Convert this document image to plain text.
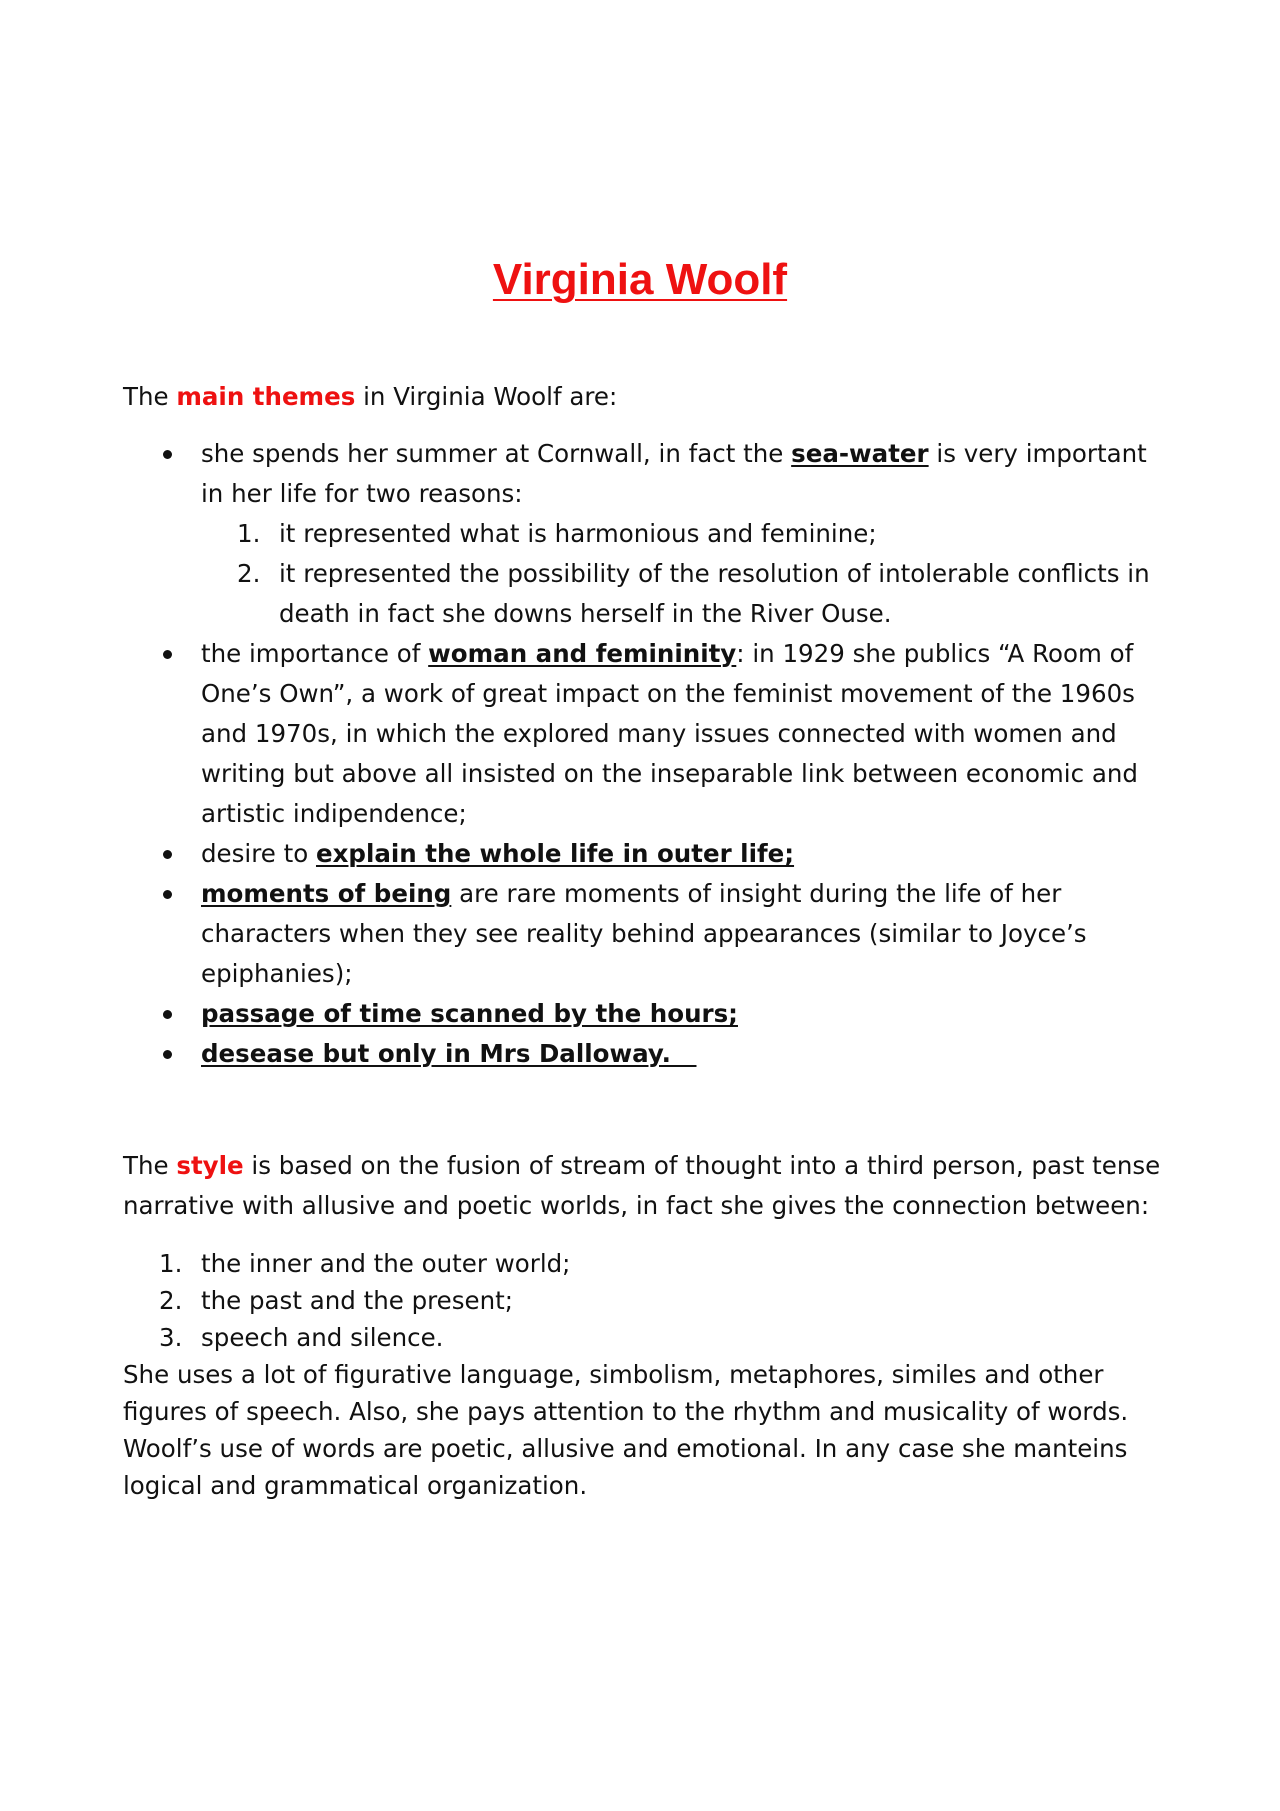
Virginia Woolf
The main themes in Virginia Woolf are:
she spends her summer at Cornwall, in fact the sea-water is very important in her life for two reasons:
1. it represented what is harmonious and feminine;
2. it represented the possibility of the resolution of intolerable conflicts in death in fact she downs herself in the River Ouse.
the importance of woman and femininity: in 1929 she publics “A Room of One’s Own”, a work of great impact on the feminist movement of the 1960s and 1970s, in which the explored many issues connected with women and writing but above all insisted on the inseparable link between economic and artistic indipendence;
desire to explain the whole life in outer life;
moments of being are rare moments of insight during the life of her characters when they see reality behind appearances (similar to Joyce’s epiphanies);
passage of time scanned by the hours;
desease but only in Mrs Dalloway.
The style is based on the fusion of stream of thought into a third person, past tense narrative with allusive and poetic worlds, in fact she gives the connection between:
1. the inner and the outer world;
2. the past and the present;
3. speech and silence.
She uses a lot of figurative language, simbolism, metaphores, similes and other figures of speech. Also, she pays attention to the rhythm and musicality of words. Woolf’s use of words are poetic, allusive and emotional. In any case she manteins logical and grammatical organization.
